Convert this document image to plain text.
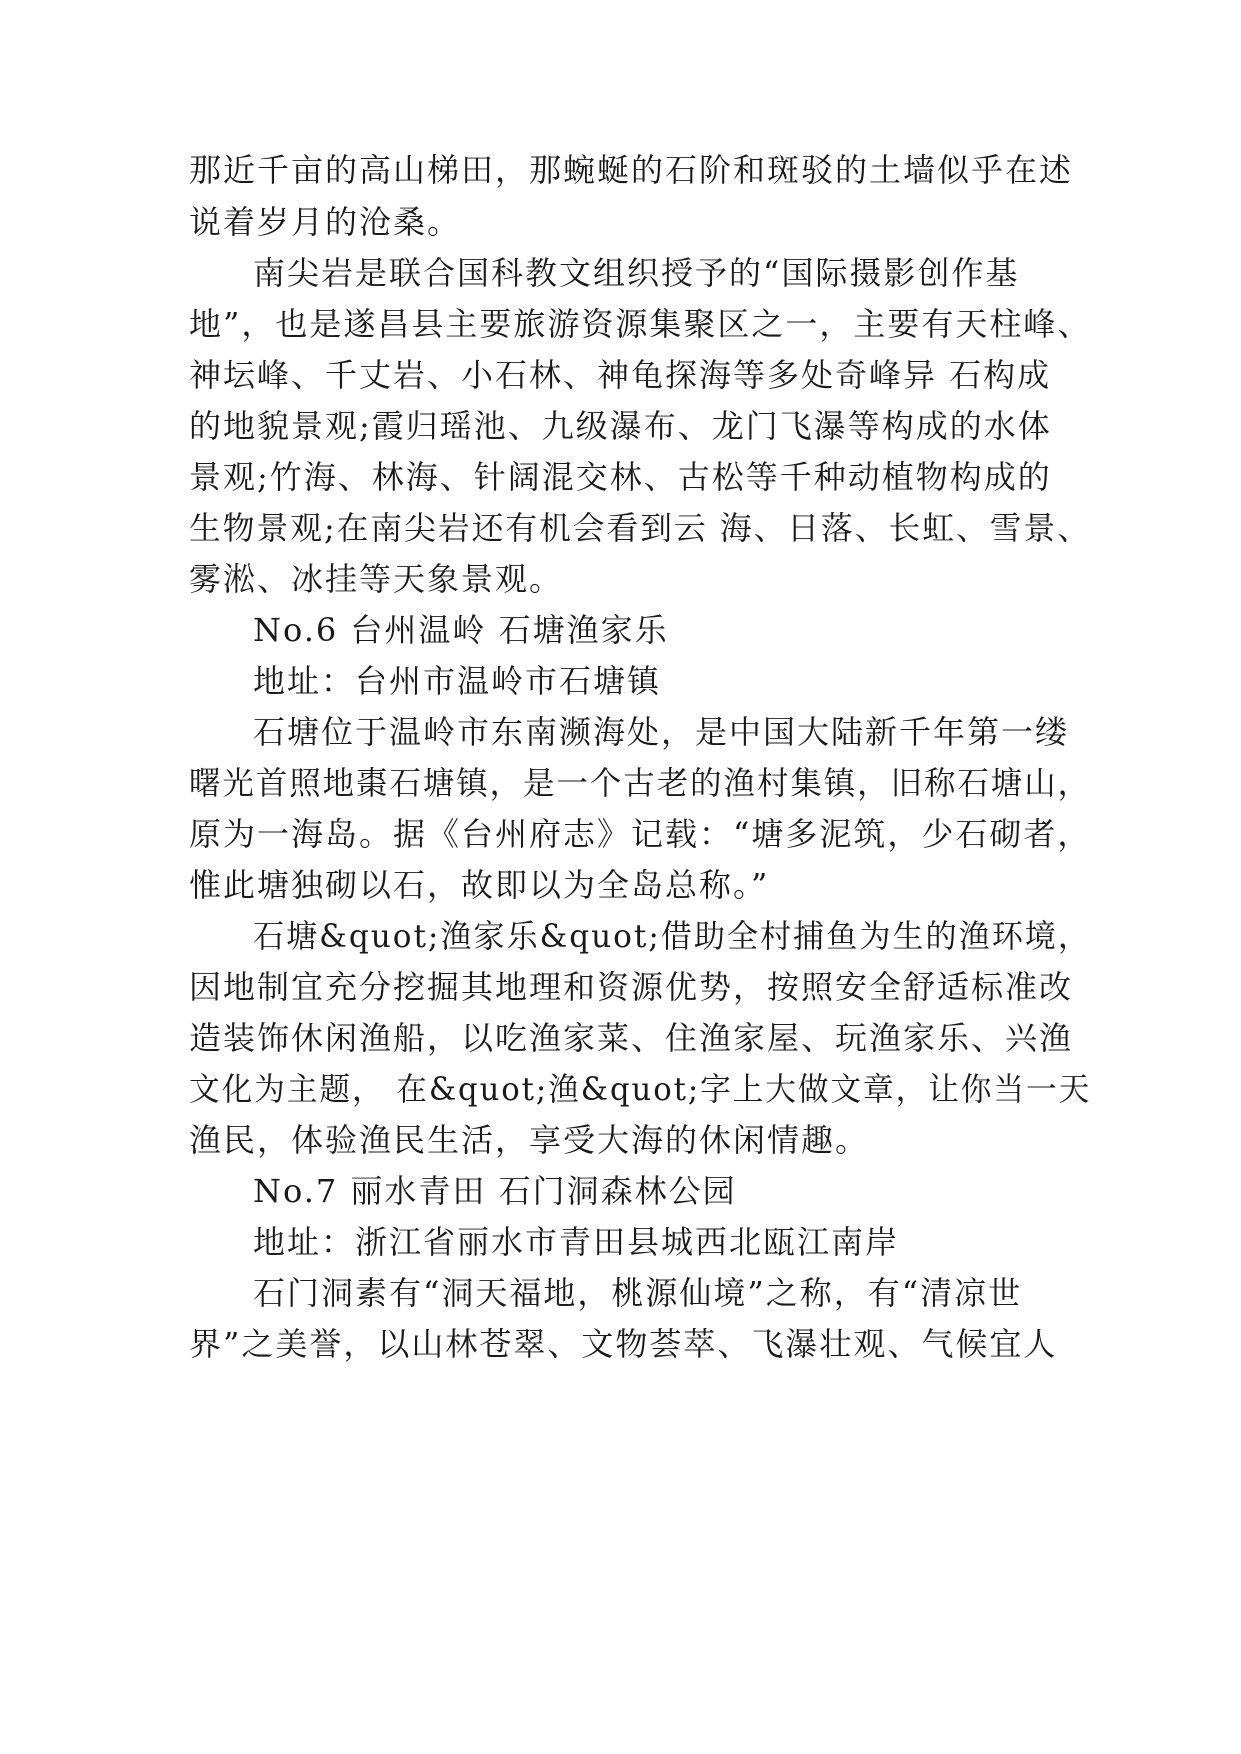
那近千亩的高山梯田，那蜿蜒的石阶和斑驳的土墙似乎在述
说着岁月的沧桑。
南尖岩是联合国科教文组织授予的“国际摄影创作基
地”，也是遂昌县主要旅游资源集聚区之一，主要有天柱峰、
神坛峰、千丈岩、小石林、神龟探海等多处奇峰异 石构成
的地貌景观;霞归瑶池、九级瀑布、龙门飞瀑等构成的水体
景观;竹海、林海、针阔混交林、古松等千种动植物构成的
生物景观;在南尖岩还有机会看到云 海、日落、长虹、雪景、
雾淞、冰挂等天象景观。
No.6 台州温岭 石塘渔家乐
地址：台州市温岭市石塘镇
石塘位于温岭市东南濒海处，是中国大陆新千年第一缕
曙光首照地棗石塘镇，是一个古老的渔村集镇，旧称石塘山，
原为一海岛。据《台州府志》记载：“塘多泥筑，少石砌者，
惟此塘独砌以石，故即以为全岛总称。”
石塘&quot;渔家乐&quot;借助全村捕鱼为生的渔环境，
因地制宜充分挖掘其地理和资源优势，按照安全舒适标准改
造装饰休闲渔船，以吃渔家菜、住渔家屋、玩渔家乐、兴渔
文化为主题， 在&quot;渔&quot;字上大做文章，让你当一天
渔民，体验渔民生活，享受大海的休闲情趣。
No.7 丽水青田 石门洞森林公园
地址：浙江省丽水市青田县城西北瓯江南岸
石门洞素有“洞天福地，桃源仙境”之称，有“清凉世
界”之美誉，以山林苍翠、文物荟萃、飞瀑壮观、气候宜人
